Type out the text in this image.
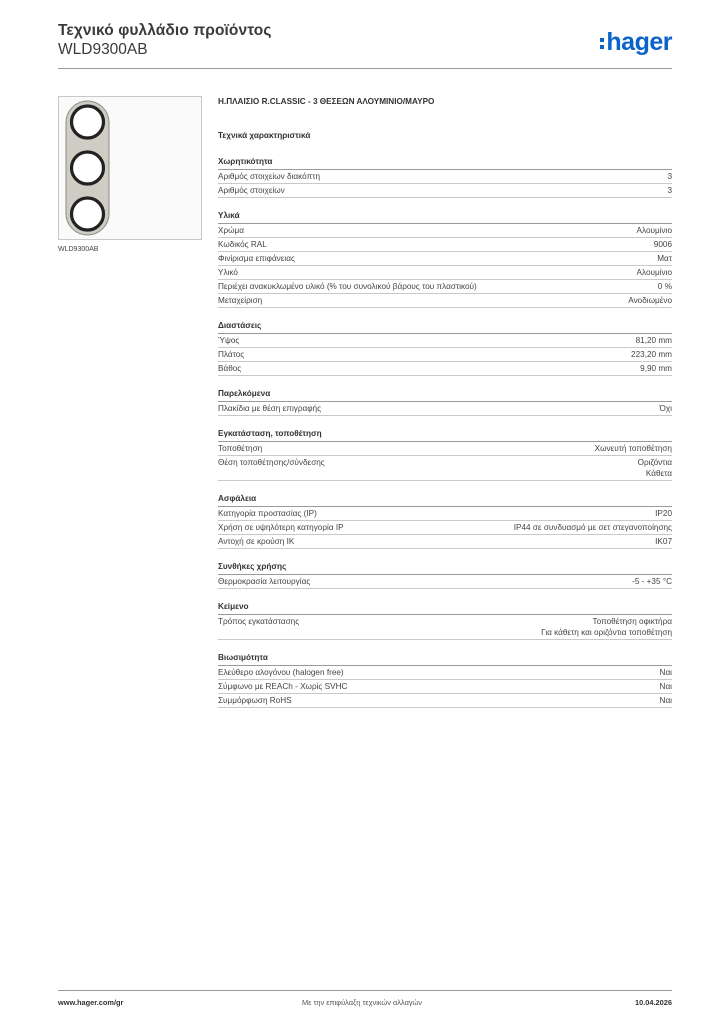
Τεχνικό φυλλάδιο προϊόντος
WLD9300AB	hager
WLD9300AB
Η.ΠΛΑΙΣΙΟ R.CLASSIC - 3 ΘΕΣΕΩΝ ΑΛΟΥΜΙΝΙΟ/ΜΑΥΡΟ
Τεχνικά χαρακτηριστικά
Χωρητικότητα
Αριθμός στοιχείων διακόπτη	3
Αριθμός στοιχείων	3
Υλικά
Χρώμα	Αλουμίνιο
Κωδικός RAL	9006
Φινίρισμα επιφάνειας	Ματ
Υλικό	Αλουμίνιο
Περιέχει ανακυκλωμένο υλικό (% του συνολικού βάρους του πλαστικού)	0 %
Μεταχείριση	Ανοδιωμένο
Διαστάσεις
Ύψος	81,20 mm
Πλάτος	223,20 mm
Βάθος	9,90 mm
Παρελκόμενα
Πλακίδια με θέση επιγραφής	Όχι
Εγκατάσταση, τοποθέτηση
Τοποθέτηση	Χωνευτή τοποθέτηση
Θέση τοποθέτησης/σύνδεσης	Οριζόντια
Κάθετα
Ασφάλεια
Κατηγορία προστασίας (IP)	IP20
Χρήση σε υψηλότερη κατηγορία IP	IP44 σε συνδυασμό με σετ στεγανοποίησης
Αντοχή σε κρούση IK	IK07
Συνθήκες χρήσης
Θερμοκρασία λειτουργίας	-5 - +35 °C
Κείμενο
Τρόπος εγκατάστασης	Τοποθέτηση οφικτήρα
Για κάθετη και οριζόντια τοποθέτηση
Βιωσιμότητα
Ελεύθερο αλογόνου (halogen free)	Ναι
Σύμφωνο με REACh - Χωρίς SVHC	Ναι
Συμμόρφωση RoHS	Ναι
www.hager.com/gr	Με την επιφύλαξη τεχνικών αλλαγών	10.04.2026
